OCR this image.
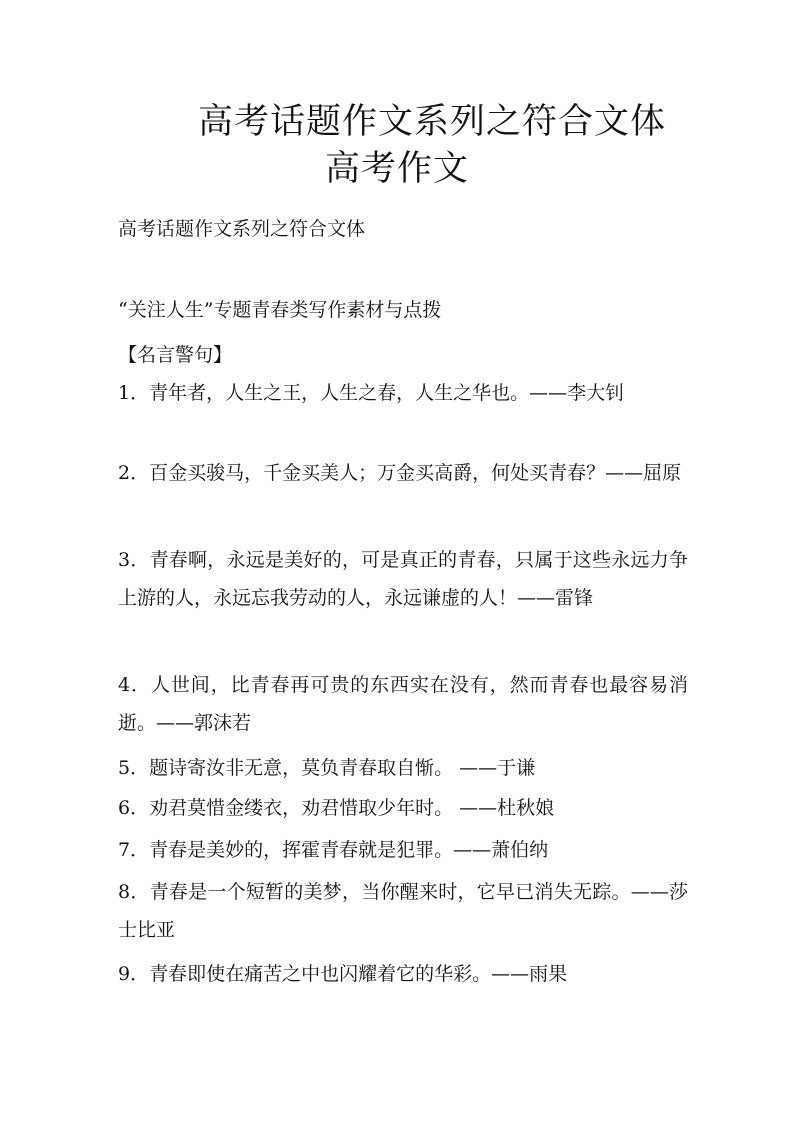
高考话题作文系列之符合文体
高考作文

高考话题作文系列之符合文体

“关注人生”专题青春类写作素材与点拨

【名言警句】

1．青年者，人生之王，人生之春，人生之华也。——李大钊

2．百金买骏马，千金买美人；万金买高爵，何处买青春？——屈原

3．青春啊，永远是美好的，可是真正的青春，只属于这些永远力争上游的人，永远忘我劳动的人，永远谦虚的人！——雷锋

4．人世间，比青春再可贵的东西实在没有，然而青春也最容易消逝。——郭沫若

5．题诗寄汝非无意，莫负青春取自惭。 ——于谦

6．劝君莫惜金缕衣，劝君惜取少年时。 ——杜秋娘

7．青春是美妙的，挥霍青春就是犯罪。——萧伯纳

8．青春是一个短暂的美梦，当你醒来时，它早已消失无踪。——莎士比亚

9．青春即使在痛苦之中也闪耀着它的华彩。——雨果
